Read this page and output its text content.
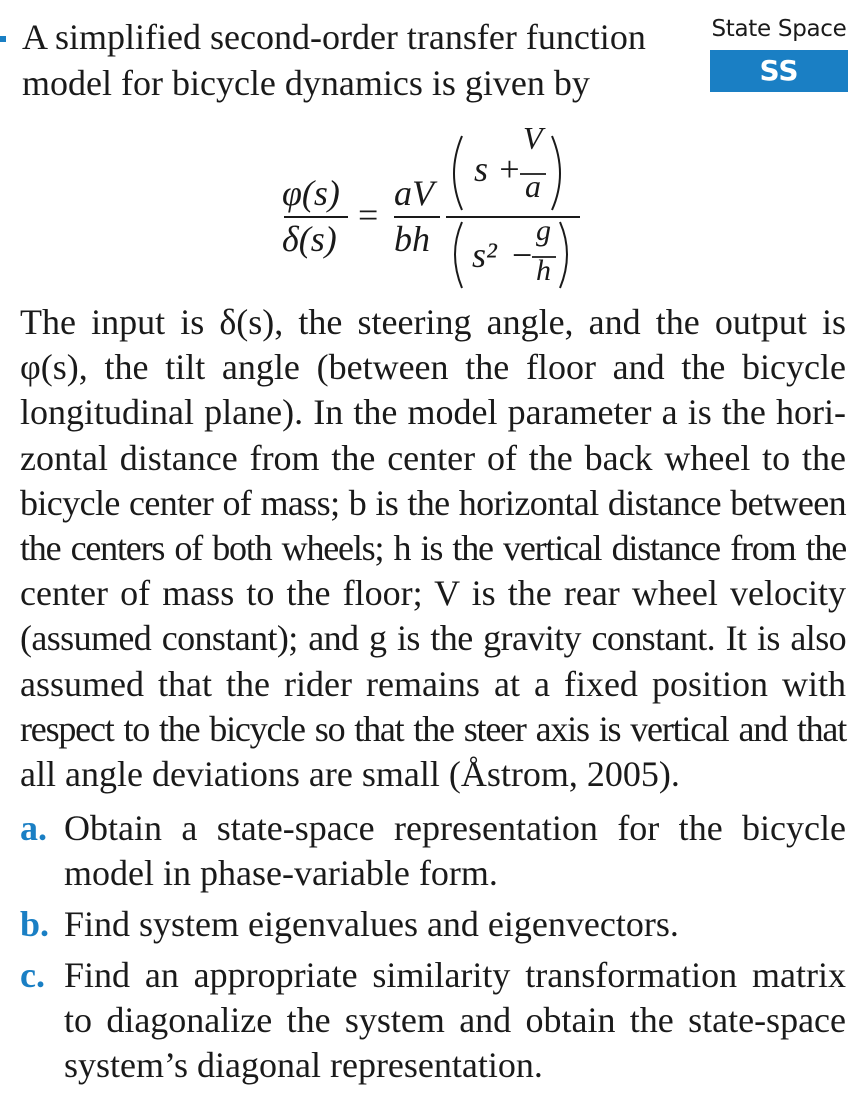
State Space
SS
A simplified second-order transfer function
model for bicycle dynamics is given by
φ(s)
δ(s)
=
aV
bh
s +
V
a
s² −
g
h
The input is δ(s), the steering angle, and the output is
φ(s), the tilt angle (between the floor and the bicycle
longitudinal plane). In the model parameter a is the hori-
zontal distance from the center of the back wheel to the
bicycle center of mass; b is the horizontal distance between
the centers of both wheels; h is the vertical distance from the
center of mass to the floor; V is the rear wheel velocity
(assumed constant); and g is the gravity constant. It is also
assumed that the rider remains at a fixed position with
respect to the bicycle so that the steer axis is vertical and that
all angle deviations are small (Åstrom, 2005).
a. Obtain a state-space representation for the bicycle
model in phase-variable form.
b. Find system eigenvalues and eigenvectors.
c. Find an appropriate similarity transformation matrix
to diagonalize the system and obtain the state-space
system’s diagonal representation.
